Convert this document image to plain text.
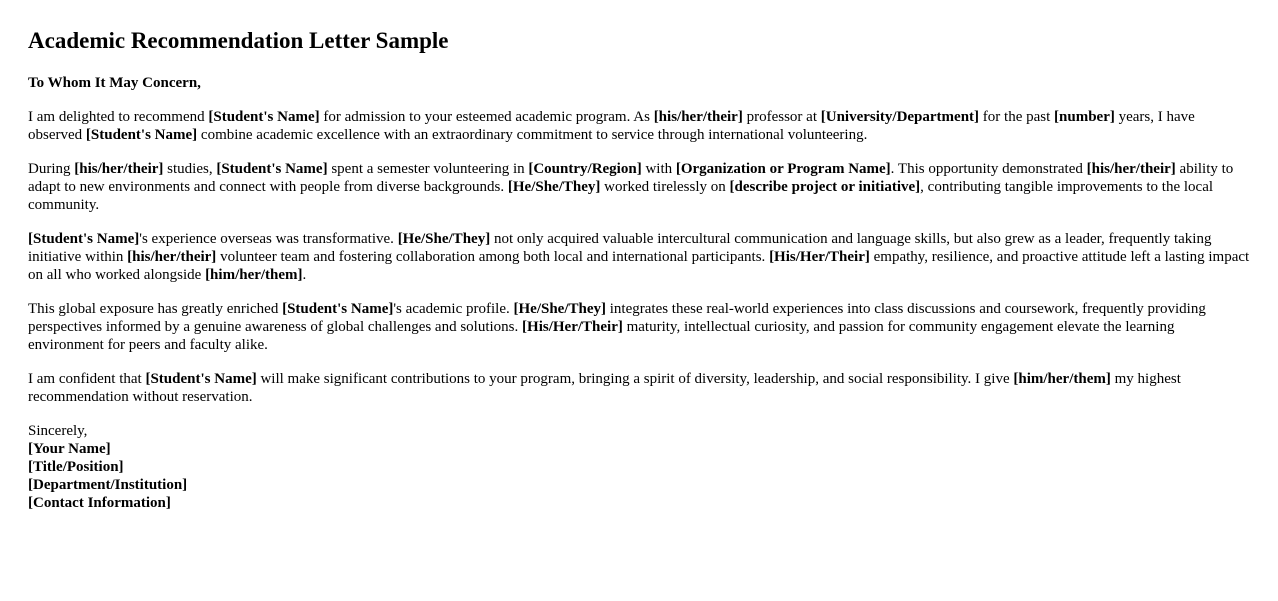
Academic Recommendation Letter Sample

To Whom It May Concern,

I am delighted to recommend [Student's Name] for admission to your esteemed academic program. As [his/her/their] professor at [University/Department] for the past [number] years, I have observed [Student's Name] combine academic excellence with an extraordinary commitment to service through international volunteering.

During [his/her/their] studies, [Student's Name] spent a semester volunteering in [Country/Region] with [Organization or Program Name]. This opportunity demonstrated [his/her/their] ability to adapt to new environments and connect with people from diverse backgrounds. [He/She/They] worked tirelessly on [describe project or initiative], contributing tangible improvements to the local community.

[Student's Name]'s experience overseas was transformative. [He/She/They] not only acquired valuable intercultural communication and language skills, but also grew as a leader, frequently taking initiative within [his/her/their] volunteer team and fostering collaboration among both local and international participants. [His/Her/Their] empathy, resilience, and proactive attitude left a lasting impact on all who worked alongside [him/her/them].

This global exposure has greatly enriched [Student's Name]'s academic profile. [He/She/They] integrates these real-world experiences into class discussions and coursework, frequently providing perspectives informed by a genuine awareness of global challenges and solutions. [His/Her/Their] maturity, intellectual curiosity, and passion for community engagement elevate the learning environment for peers and faculty alike.

I am confident that [Student's Name] will make significant contributions to your program, bringing a spirit of diversity, leadership, and social responsibility. I give [him/her/them] my highest recommendation without reservation.

Sincerely,
[Your Name]
[Title/Position]
[Department/Institution]
[Contact Information]
